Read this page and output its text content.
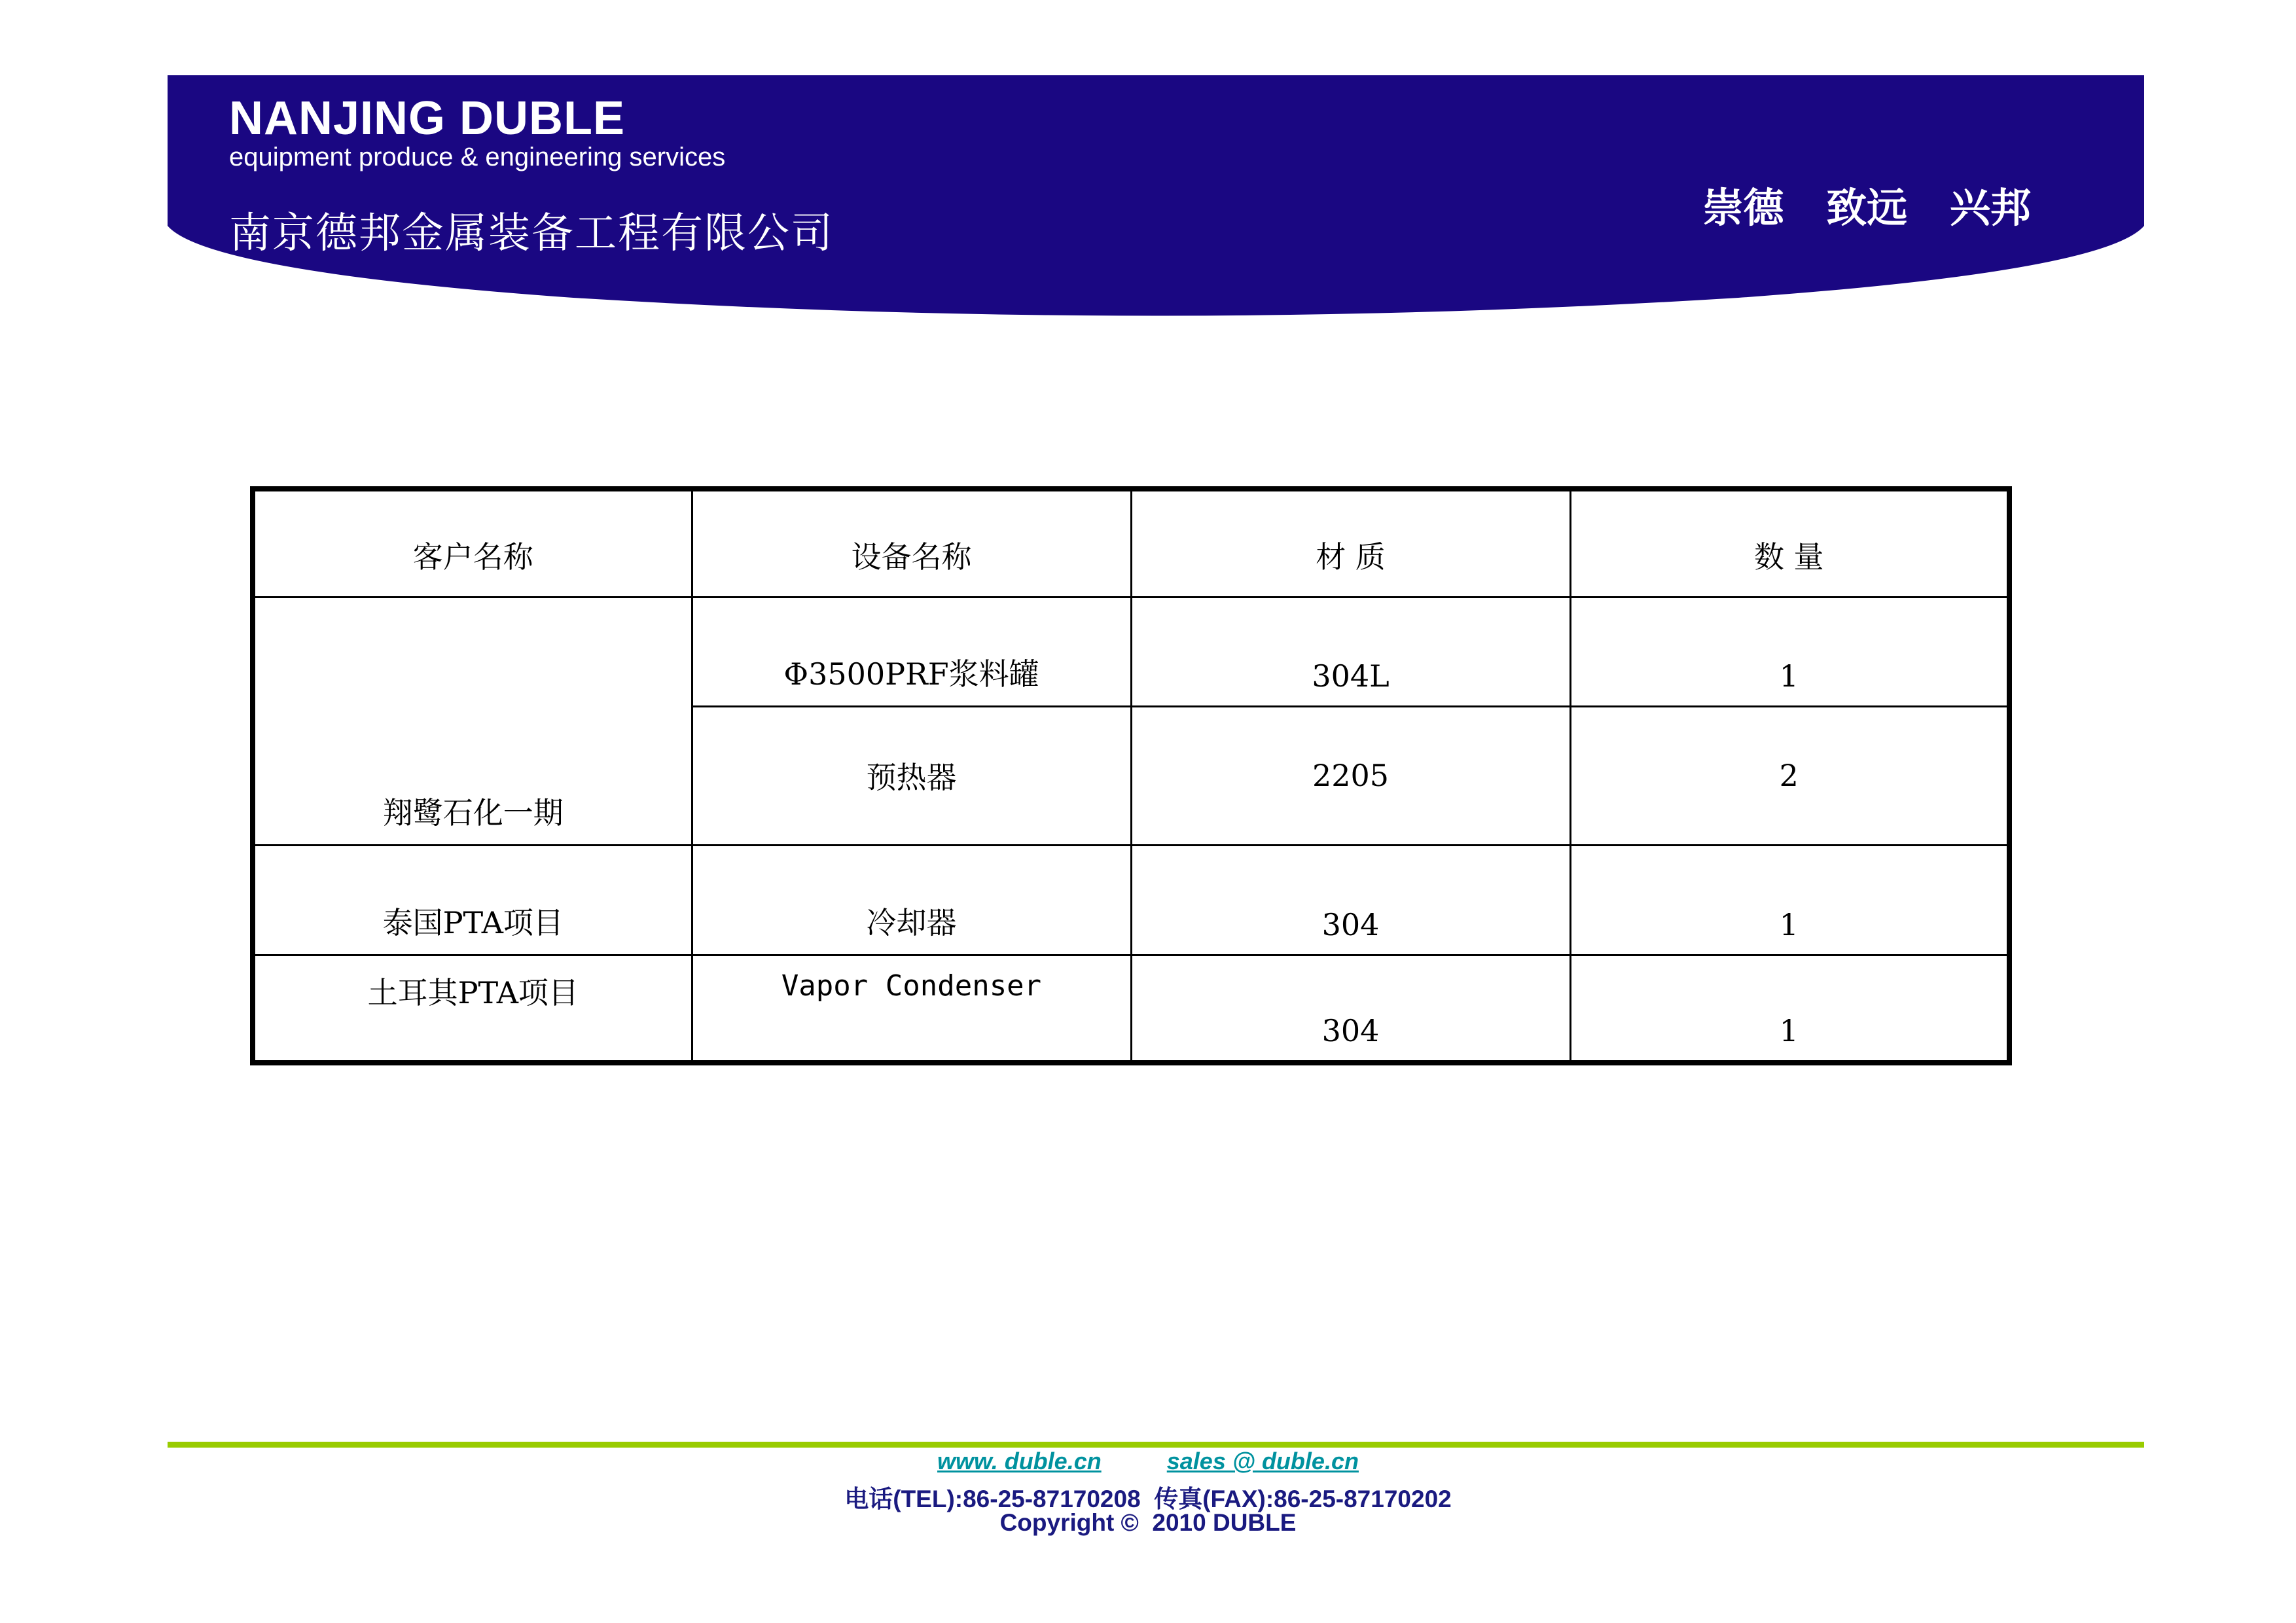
NANJING DUBLE
equipment produce & engineering services
南京德邦金属装备工程有限公司
崇德   致远   兴邦
客户名称	设备名称	材 质	数 量
翔鹭石化一期	Φ3500PRF浆料罐	304L	1
	预热器	2205	2
泰国PTA项目	冷却器	304	1
土耳其PTA项目	Vapor Condenser	304	1
www. duble.cn	sales @ duble.cn
电话(TEL):86-25-87170208  传真(FAX):86-25-87170202
Copyright ©  2010 DUBLE
